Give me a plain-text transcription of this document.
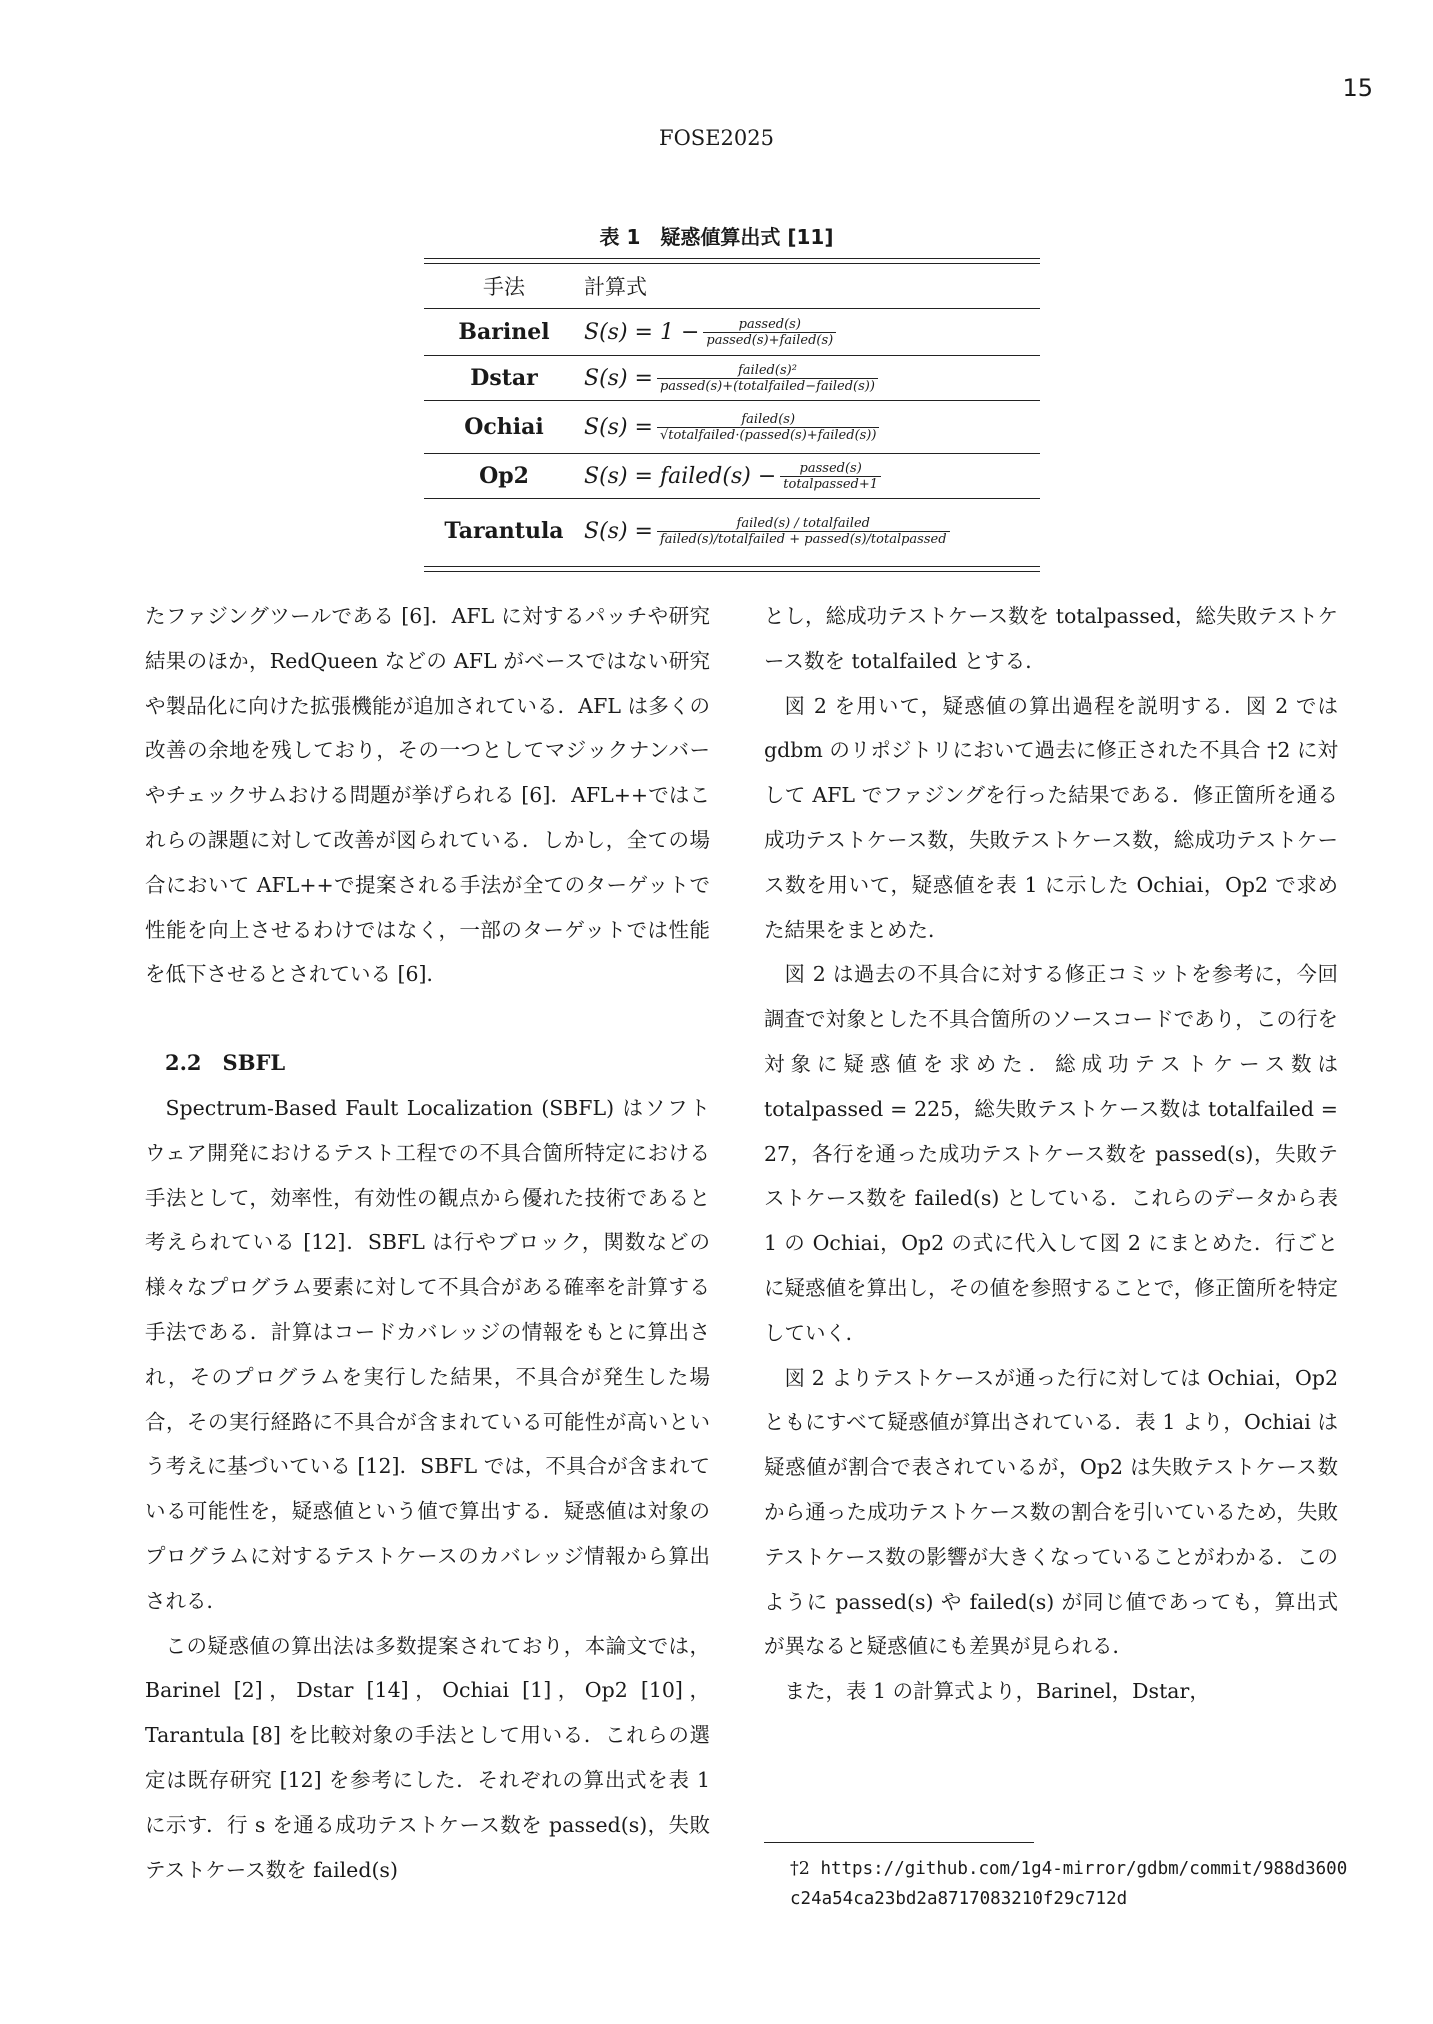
15
FOSE2025
表 1　疑惑値算出式 [11]
手法	計算式
Barinel	$S(s) = 1 - \frac{\text{passed(s)}}{\text{passed(s)+failed(s)}}$
Dstar	$S(s) = \frac{\text{failed(s)²}}{\text{passed(s)+(totalfailed−failed(s))}}$
Ochiai	$S(s) = \frac{\text{failed(s)}}{\text{√totalfailed·(passed(s)+failed(s))}}$
Op2	S(s) = failed(s) − $\frac{\text{passed(s)}}{\text{totalpassed+1}}$
Tarantula $S(s) = \frac{\text{failed(s) / totalfailed}}{\text{failed(s)/totalfailed + passed(s)/totalpassed}}$

たファジングツールである [6]．AFL に対するパッチや研究結果のほか，RedQueen などの AFL がベースではない研究や製品化に向けた拡張機能が追加されている．AFL は多くの改善の余地を残しており，その一つとしてマジックナンバーやチェックサムおける問題が挙げられる [6]．AFL++ではこれらの課題に対して改善が図られている．しかし，全ての場合において AFL++で提案される手法が全てのターゲットで性能を向上させるわけではなく，一部のターゲットでは性能を低下させるとされている [6]．

2.2　SBFL

Spectrum-Based Fault Localization (SBFL) はソフトウェア開発におけるテスト工程での不具合箇所特定における手法として，効率性，有効性の観点から優れた技術であると考えられている [12]．SBFL は行やブロック，関数などの様々なプログラム要素に対して不具合がある確率を計算する手法である．計算はコードカバレッジの情報をもとに算出され，そのプログラムを実行した結果，不具合が発生した場合，その実行経路に不具合が含まれている可能性が高いという考えに基づいている [12]．SBFL では，不具合が含まれている可能性を，疑惑値という値で算出する．疑惑値は対象のプログラムに対するテストケースのカバレッジ情報から算出される．

この疑惑値の算出法は多数提案されており，本論文では，Barinel [2]，Dstar [14]，Ochiai [1]，Op2 [10]，Tarantula [8] を比較対象の手法として用いる．これらの選定は既存研究 [12] を参考にした．それぞれの算出式を表 1 に示す．行 s を通る成功テストケース数を passed(s)，失敗テストケース数を failed(s)

とし，総成功テストケース数を totalpassed，総失敗テストケース数を totalfailed とする．

図 2 を用いて，疑惑値の算出過程を説明する．図 2 では gdbm のリポジトリにおいて過去に修正された不具合 †2 に対して AFL でファジングを行った結果である．修正箇所を通る成功テストケース数，失敗テストケース数，総成功テストケース数を用いて，疑惑値を表 1 に示した Ochiai，Op2 で求めた結果をまとめた．

図 2 は過去の不具合に対する修正コミットを参考に，今回調査で対象とした不具合箇所のソースコードであり，この行を対象に疑惑値を求めた．総成功テストケース数は totalpassed = 225，総失敗テストケース数は totalfailed = 27，各行を通った成功テストケース数を passed(s)，失敗テストケース数を failed(s) としている．これらのデータから表 1 の Ochiai，Op2 の式に代入して図 2 にまとめた．行ごとに疑惑値を算出し，その値を参照することで，修正箇所を特定していく．

図 2 よりテストケースが通った行に対しては Ochiai，Op2 ともにすべて疑惑値が算出されている．表 1 より，Ochiai は疑惑値が割合で表されているが，Op2 は失敗テストケース数から通った成功テストケース数の割合を引いているため，失敗テストケース数の影響が大きくなっていることがわかる．このように passed(s) や failed(s) が同じ値であっても，算出式が異なると疑惑値にも差異が見られる．

また，表 1 の計算式より，Barinel，Dstar，

†2 https://github.com/1g4-mirror/gdbm/commit/988d3600c24a54ca23bd2a8717083210f29c712d
